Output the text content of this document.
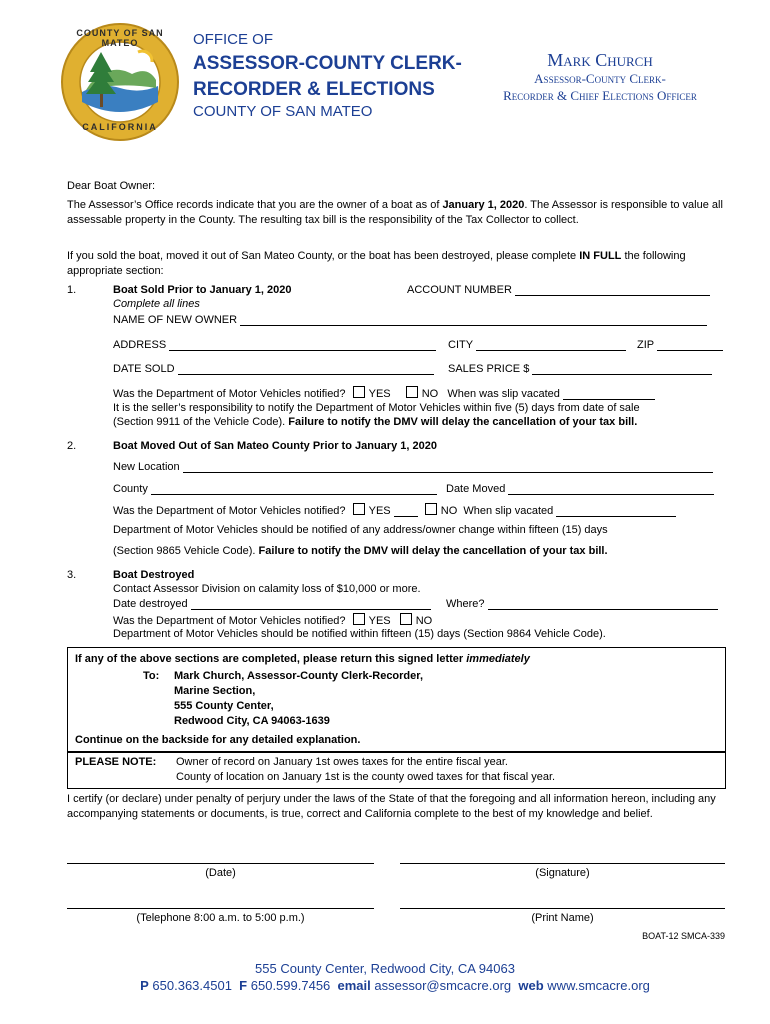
COUNTY OF SAN MATEO
CALIFORNIA
OFFICE OF
ASSESSOR-COUNTY CLERK-
RECORDER & ELECTIONS
COUNTY OF SAN MATEO
Mark Church
Assessor-County Clerk-
Recorder & Chief Elections Officer
Dear Boat Owner:
The Assessor’s Office records indicate that you are the owner of a boat as of January 1, 2020. The Assessor is responsible to value all assessable property in the County. The resulting tax bill is the responsibility of the Tax Collector to collect.
If you sold the boat, moved it out of San Mateo County, or the boat has been destroyed, please complete IN FULL the following appropriate section:
1.	Boat Sold Prior to January 1, 2020	ACCOUNT NUMBER
Complete all lines
NAME OF NEW OWNER
ADDRESS	CITY	ZIP
DATE SOLD	SALES PRICE $
Was the Department of Motor Vehicles notified? YES	NO When was slip vacated
It is the seller’s responsibility to notify the Department of Motor Vehicles within five (5) days from date of sale
(Section 9911 of the Vehicle Code). Failure to notify the DMV will delay the cancellation of your tax bill.
2.	Boat Moved Out of San Mateo County Prior to January 1, 2020
New Location
County	Date Moved
Was the Department of Motor Vehicles notified? YES	NO When slip vacated
Department of Motor Vehicles should be notified of any address/owner change within fifteen (15) days
(Section 9865 Vehicle Code). Failure to notify the DMV will delay the cancellation of your tax bill.
3.	Boat Destroyed
Contact Assessor Division on calamity loss of $10,000 or more.
Date destroyed	Where?
Was the Department of Motor Vehicles notified? YES NO
Department of Motor Vehicles should be notified within fifteen (15) days (Section 9864 Vehicle Code).
If any of the above sections are completed, please return this signed letter immediately
To: Mark Church, Assessor-County Clerk-Recorder,
Marine Section,
555 County Center,
Redwood City, CA 94063-1639
Continue on the backside for any detailed explanation.
PLEASE NOTE: Owner of record on January 1st owes taxes for the entire fiscal year.
County of location on January 1st is the county owed taxes for that fiscal year.
I certify (or declare) under penalty of perjury under the laws of the State of that the foregoing and all information hereon, including any accompanying statements or documents, is true, correct and California complete to the best of my knowledge and belief.
(Date)	(Signature)
(Telephone 8:00 a.m. to 5:00 p.m.)	(Print Name)
BOAT-12 SMCA-339
555 County Center, Redwood City, CA 94063
P 650.363.4501 F 650.599.7456 email assessor@smcacre.org web www.smcacre.org
